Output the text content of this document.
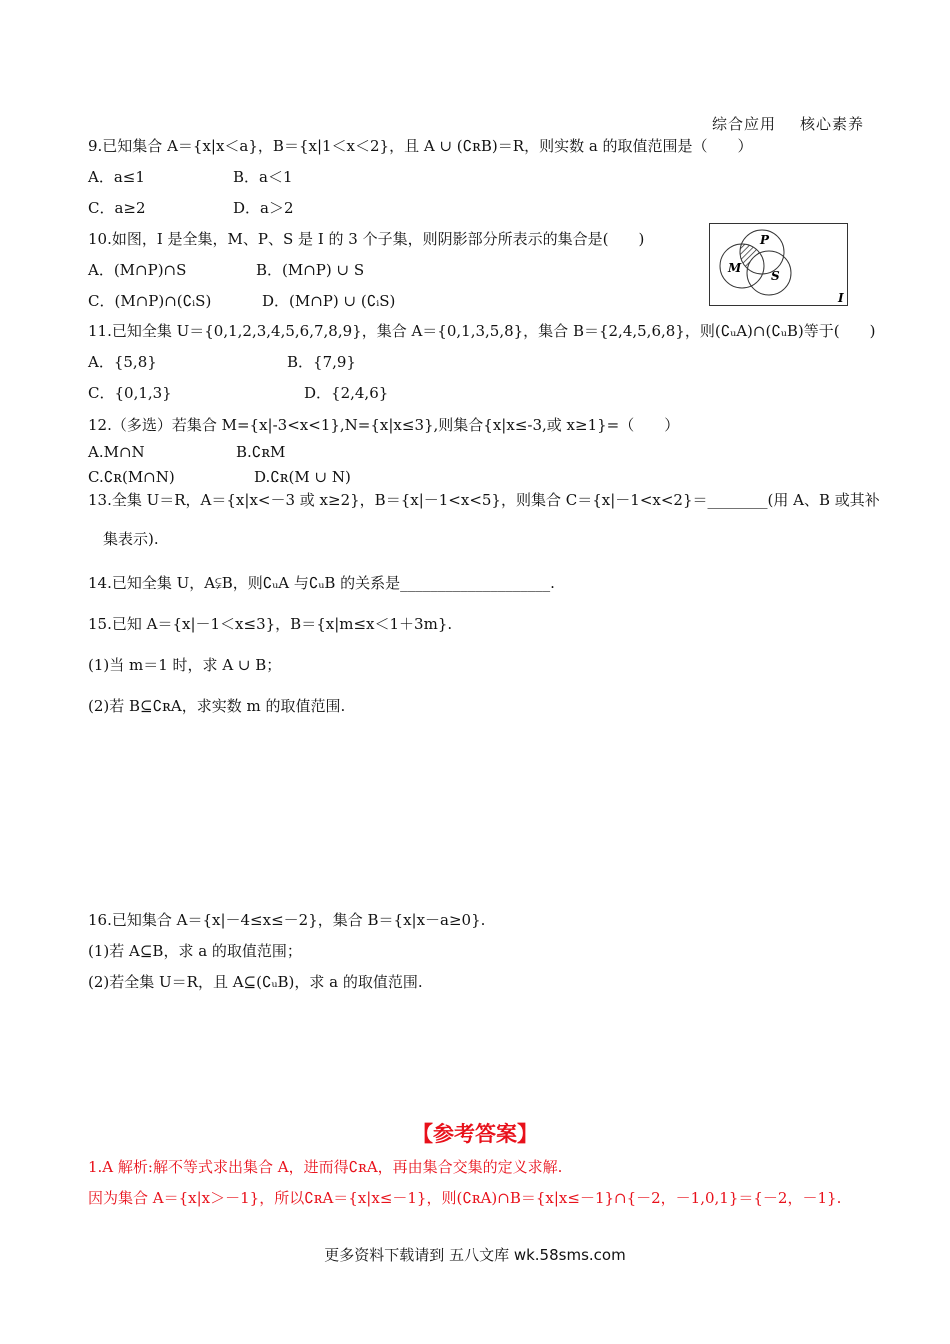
综合应用 核心素养
9.已知集合 A＝{x|x＜a}，B＝{x|1＜x＜2}，且 A ∪ (∁ʀB)＝R，则实数 a 的取值范围是（　　）
A．a≤1	B．a＜1
C．a≥2	D．a＞2
10.如图，I 是全集，M、P、S 是 I 的 3 个子集，则阴影部分所表示的集合是(　　)
A．(M∩P)∩S	B．(M∩P) ∪ S
C．(M∩P)∩(∁ᵢS)	D．(M∩P) ∪ (∁ᵢS)
P
M
S
I
11.已知全集 U＝{0,1,2,3,4,5,6,7,8,9}，集合 A＝{0,1,3,5,8}，集合 B＝{2,4,5,6,8}，则(∁ᵤA)∩(∁ᵤB)等于(　　)
A．{5,8}	B．{7,9}
C．{0,1,3}	D．{2,4,6}
12.（多选）若集合 M={x|-3<x<1},N={x|x≤3},则集合{x|x≤-3,或 x≥1}=（　　）
A.M∩N	B.∁ʀM
C.∁ʀ(M∩N)	D.∁ʀ(M ∪ N)
13.全集 U＝R，A＝{x|x<－3 或 x≥2}，B＝{x|－1<x<5}，则集合 C＝{x|－1<x<2}＝________(用 A、B 或其补
集表示).
14.已知全集 U，A⫋B，则∁ᵤA 与∁ᵤB 的关系是____________________.
15.已知 A＝{x|－1＜x≤3}，B＝{x|m≤x＜1＋3m}.
(1)当 m＝1 时，求 A ∪ B；
(2)若 B⊆∁ʀA，求实数 m 的取值范围.
16.已知集合 A＝{x|－4≤x≤－2}，集合 B＝{x|x－a≥0}.
(1)若 A⊆B，求 a 的取值范围；
(2)若全集 U＝R，且 A⊆(∁ᵤB)，求 a 的取值范围.
【参考答案】
1.A 解析:解不等式求出集合 A，进而得∁ʀA，再由集合交集的定义求解.
因为集合 A＝{x|x＞－1}，所以∁ʀA＝{x|x≤－1}，则(∁ʀA)∩B＝{x|x≤－1}∩{－2，－1,0,1}＝{－2，－1}.
更多资料下载请到 五八文库 wk.58sms.com
